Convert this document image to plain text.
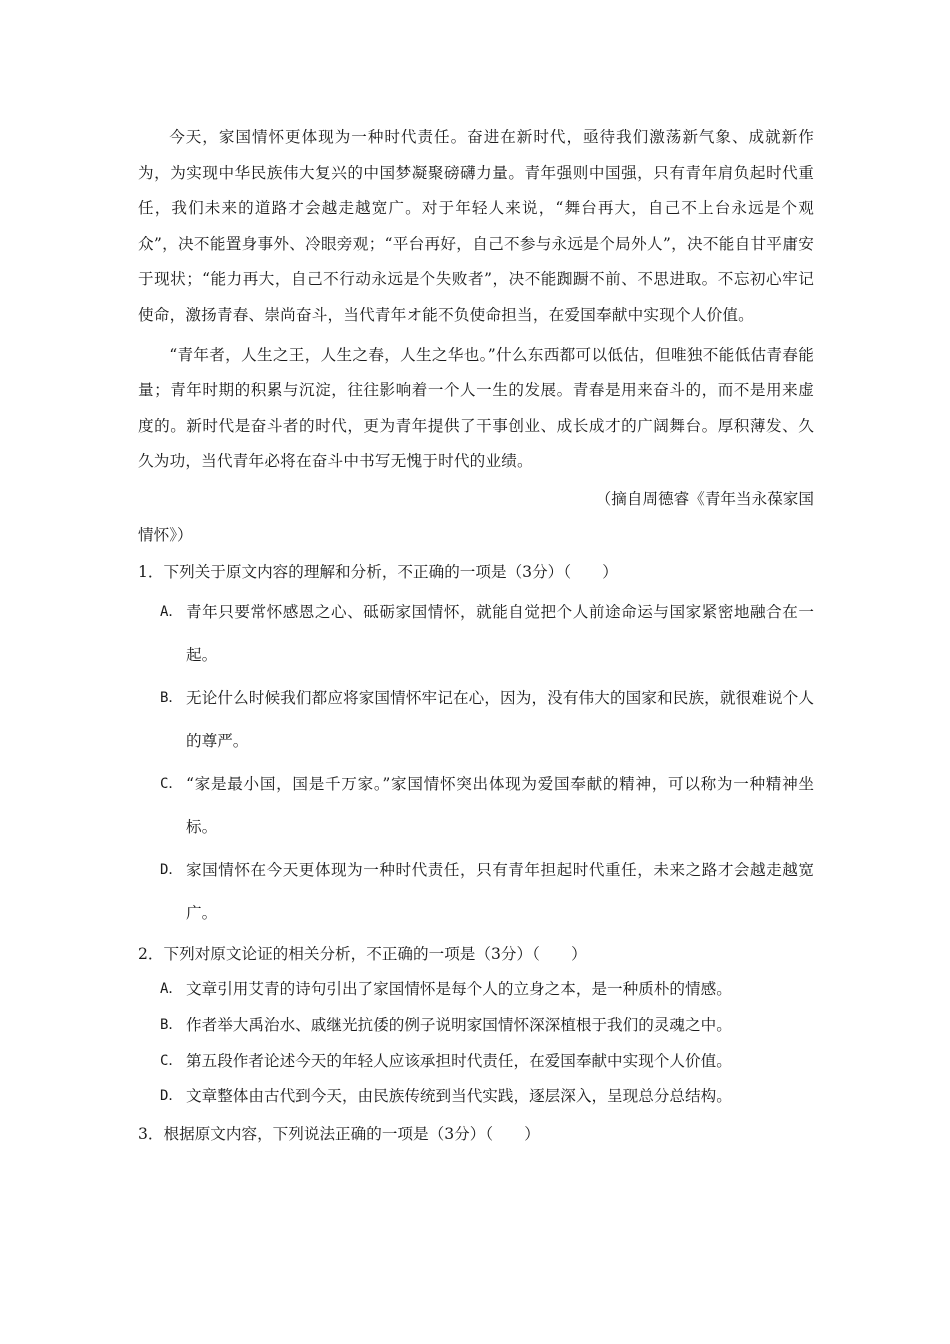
今天，家国情怀更体现为一种时代责任。奋进在新时代，亟待我们激荡新气象、成就新作为，为实现中华民族伟大复兴的中国梦凝聚磅礴力量。青年强则中国强，只有青年肩负起时代重任，我们未来的道路才会越走越宽广。对于年轻人来说，“舞台再大，自己不上台永远是个观众”，决不能置身事外、冷眼旁观；“平台再好，自己不参与永远是个局外人”，决不能自甘平庸安于现状；“能力再大，自己不行动永远是个失败者”，决不能踟蹰不前、不思进取。不忘初心牢记使命，激扬青春、崇尚奋斗，当代青年オ能不负使命担当，在爱国奉献中实现个人价值。

“青年者，人生之王，人生之春，人生之华也。”什么东西都可以低估，但唯独不能低估青春能量；青年时期的积累与沉淀，往往影响着一个人一生的发展。青春是用来奋斗的，而不是用来虚度的。新时代是奋斗者的时代，更为青年提供了干事创业、成长成才的广阔舞台。厚积薄发、久久为功，当代青年必将在奋斗中书写无愧于时代的业绩。

（摘自周德睿《青年当永葆家国
情怀》）

1．下列关于原文内容的理解和分析，不正确的一项是（3分）（　　）

A． 青年只要常怀感恩之心、砥砺家国情怀，就能自觉把个人前途命运与国家紧密地融合在一起。
B． 无论什么时候我们都应将家国情怀牢记在心，因为，没有伟大的国家和民族，就很难说个人的尊严。
C． “家是最小国，国是千万家。”家国情怀突出体现为爱国奉献的精神，可以称为一种精神坐标。
D． 家国情怀在今天更体现为一种时代责任，只有青年担起时代重任，未来之路才会越走越宽广。

2．下列对原文论证的相关分析，不正确的一项是（3分）（　　）

A． 文章引用艾青的诗句引出了家国情怀是每个人的立身之本，是一种质朴的情感。
B． 作者举大禹治水、戚继光抗倭的例子说明家国情怀深深植根于我们的灵魂之中。
C． 第五段作者论述今天的年轻人应该承担时代责任，在爱国奉献中实现个人价值。
D． 文章整体由古代到今天，由民族传统到当代实践，逐层深入，呈现总分总结构。

3．根据原文内容，下列说法正确的一项是（3分）（　　）
